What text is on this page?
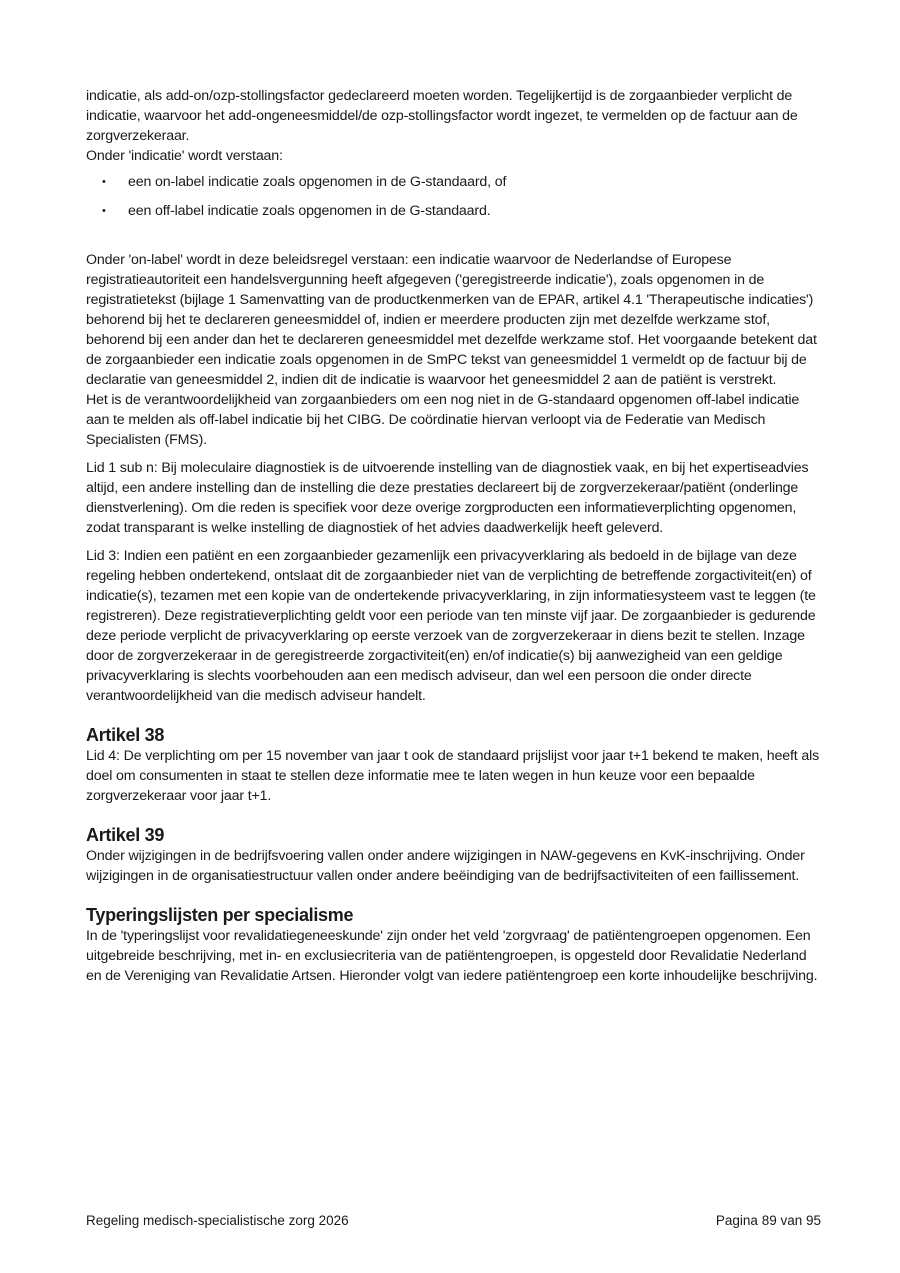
indicatie, als add-on/ozp-stollingsfactor gedeclareerd moeten worden. Tegelijkertijd is de zorgaanbieder verplicht de indicatie, waarvoor het add-ongeneesmiddel/de ozp-stollingsfactor wordt ingezet, te vermelden op de factuur aan de zorgverzekeraar.

Onder 'indicatie' wordt verstaan:

• een on-label indicatie zoals opgenomen in de G-standaard, of
• een off-label indicatie zoals opgenomen in de G-standaard.

Onder 'on-label' wordt in deze beleidsregel verstaan: een indicatie waarvoor de Nederlandse of Europese registratieautoriteit een handelsvergunning heeft afgegeven ('geregistreerde indicatie'), zoals opgenomen in de registratietekst (bijlage 1 Samenvatting van de productkenmerken van de EPAR, artikel 4.1 'Therapeutische indicaties') behorend bij het te declareren geneesmiddel of, indien er meerdere producten zijn met dezelfde werkzame stof, behorend bij een ander dan het te declareren geneesmiddel met dezelfde werkzame stof. Het voorgaande betekent dat de zorgaanbieder een indicatie zoals opgenomen in de SmPC tekst van geneesmiddel 1 vermeldt op de factuur bij de declaratie van geneesmiddel 2, indien dit de indicatie is waarvoor het geneesmiddel 2 aan de patiënt is verstrekt.

Het is de verantwoordelijkheid van zorgaanbieders om een nog niet in de G-standaard opgenomen off-label indicatie aan te melden als off-label indicatie bij het CIBG. De coördinatie hiervan verloopt via de Federatie van Medisch Specialisten (FMS).

Lid 1 sub n: Bij moleculaire diagnostiek is de uitvoerende instelling van de diagnostiek vaak, en bij het expertiseadvies altijd, een andere instelling dan de instelling die deze prestaties declareert bij de zorgverzekeraar/patiënt (onderlinge dienstverlening). Om die reden is specifiek voor deze overige zorgproducten een informatieverplichting opgenomen, zodat transparant is welke instelling de diagnostiek of het advies daadwerkelijk heeft geleverd.

Lid 3: Indien een patiënt en een zorgaanbieder gezamenlijk een privacyverklaring als bedoeld in de bijlage van deze regeling hebben ondertekend, ontslaat dit de zorgaanbieder niet van de verplichting de betreffende zorgactiviteit(en) of indicatie(s), tezamen met een kopie van de ondertekende privacyverklaring, in zijn informatiesysteem vast te leggen (te registreren). Deze registratieverplichting geldt voor een periode van ten minste vijf jaar. De zorgaanbieder is gedurende deze periode verplicht de privacyverklaring op eerste verzoek van de zorgverzekeraar in diens bezit te stellen. Inzage door de zorgverzekeraar in de geregistreerde zorgactiviteit(en) en/of indicatie(s) bij aanwezigheid van een geldige privacyverklaring is slechts voorbehouden aan een medisch adviseur, dan wel een persoon die onder directe verantwoordelijkheid van die medisch adviseur handelt.

Artikel 38

Lid 4: De verplichting om per 15 november van jaar t ook de standaard prijslijst voor jaar t+1 bekend te maken, heeft als doel om consumenten in staat te stellen deze informatie mee te laten wegen in hun keuze voor een bepaalde zorgverzekeraar voor jaar t+1.

Artikel 39

Onder wijzigingen in de bedrijfsvoering vallen onder andere wijzigingen in NAW-gegevens en KvK-inschrijving. Onder wijzigingen in de organisatiestructuur vallen onder andere beëindiging van de bedrijfsactiviteiten of een faillissement.

Typeringslijsten per specialisme

In de 'typeringslijst voor revalidatiegeneeskunde' zijn onder het veld 'zorgvraag' de patiëntengroepen opgenomen. Een uitgebreide beschrijving, met in- en exclusiecriteria van de patiëntengroepen, is opgesteld door Revalidatie Nederland en de Vereniging van Revalidatie Artsen. Hieronder volgt van iedere patiëntengroep een korte inhoudelijke beschrijving.

Regeling medisch-specialistische zorg 2026	Pagina 89 van 95
